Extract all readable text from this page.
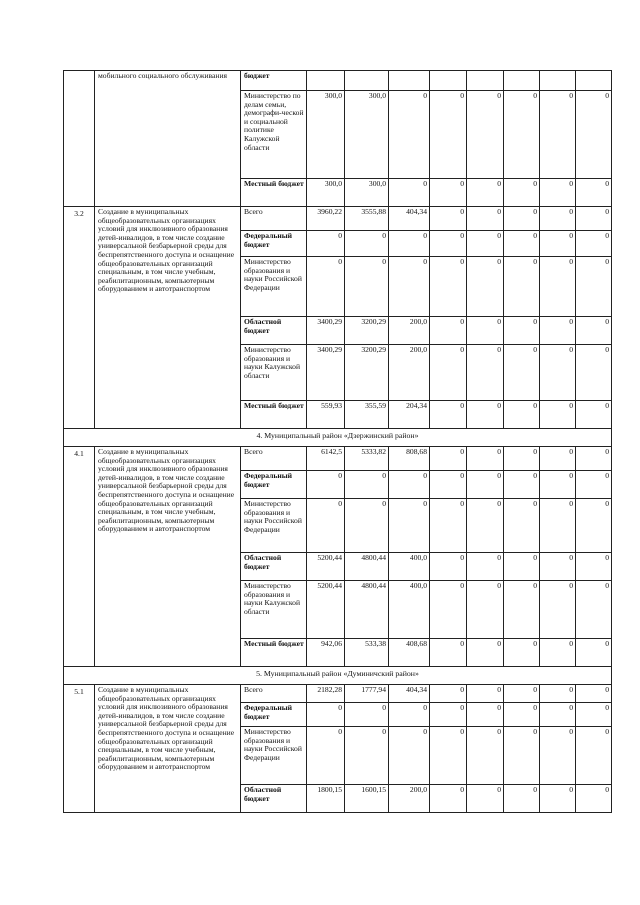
	мобильного социального обслуживания	бюджет								
		Министерство по делам семьи, демографи-ческой и социальной политике Калужской области	300,0	300,0	0	0	0	0	0	0
		Местный бюджет	300,0	300,0	0	0	0	0	0	0
3.2	Создание в муниципальных общеобразовательных организациях условий для инклюзивного образования детей-инвалидов, в том числе создание универсальной безбарьерной среды для беспрепятственного доступа и оснащение общеобразовательных организаций специальным, в том числе учебным, реабилитационным, компьютерным оборудованием и автотранспортом	Всего	3960,22	3555,88	404,34	0	0	0	0	0
		Федеральный бюджет	0	0	0	0	0	0	0	0
		Министерство образования и науки Российской Федерации	0	0	0	0	0	0	0	0
		Областной бюджет	3400,29	3200,29	200,0	0	0	0	0	0
		Министерство образования и науки Калужской области	3400,29	3200,29	200,0	0	0	0	0	0
		Местный бюджет	559,93	355,59	204,34	0	0	0	0	0
4. Муниципальный район «Дзержинский район»										
4.1	Создание в муниципальных общеобразовательных организациях условий для инклюзивного образования детей-инвалидов, в том числе создание универсальной безбарьерной среды для беспрепятственного доступа и оснащение общеобразовательных организаций специальным, в том числе учебным, реабилитационным, компьютерным оборудованием и автотранспортом	Всего	6142,5	5333,82	808,68	0	0	0	0	0
		Федеральный бюджет	0	0	0	0	0	0	0	0
		Министерство образования и науки Российской Федерации	0	0	0	0	0	0	0	0
		Областной бюджет	5200,44	4800,44	400,0	0	0	0	0	0
		Министерство образования и науки Калужской области	5200,44	4800,44	400,0	0	0	0	0	0
		Местный бюджет	942,06	533,38	408,68	0	0	0	0	0
5. Муниципальный район «Думиничский район»										
5.1	Создание в муниципальных общеобразовательных организациях условий для инклюзивного образования детей-инвалидов, в том числе создание универсальной безбарьерной среды для беспрепятственного доступа и оснащение общеобразовательных организаций специальным, в том числе учебным, реабилитационным, компьютерным оборудованием и автотранспортом	Всего	2182,28	1777,94	404,34	0	0	0	0	0
		Федеральный бюджет	0	0	0	0	0	0	0	0
		Министерство образования и науки Российской Федерации	0	0	0	0	0	0	0	0
		Областной бюджет	1800,15	1600,15	200,0	0	0	0	0	0
